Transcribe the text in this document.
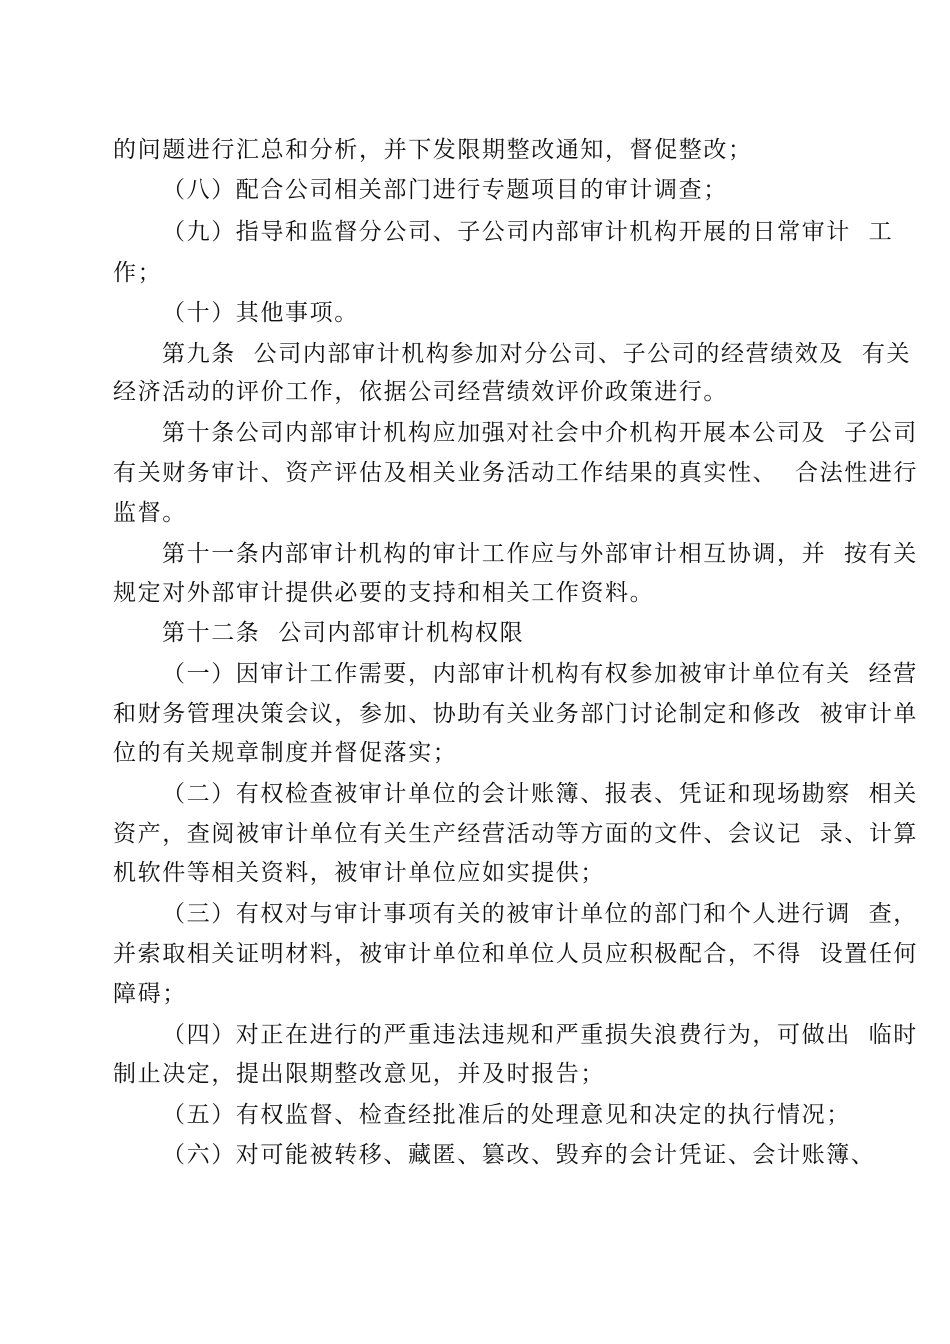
的问题进行汇总和分析，并下发限期整改通知，督促整改；
（八）配合公司相关部门进行专题项目的审计调查；
（九）指导和监督分公司、子公司内部审计机构开展的日常审计  工
作；
（十）其他事项。
第九条  公司内部审计机构参加对分公司、子公司的经营绩效及  有关
经济活动的评价工作，依据公司经营绩效评价政策进行。
第十条公司内部审计机构应加强对社会中介机构开展本公司及  子公司
有关财务审计、资产评估及相关业务活动工作结果的真实性、  合法性进行
监督。
第十一条内部审计机构的审计工作应与外部审计相互协调，并  按有关
规定对外部审计提供必要的支持和相关工作资料。
第十二条  公司内部审计机构权限
（一）因审计工作需要，内部审计机构有权参加被审计单位有关  经营
和财务管理决策会议，参加、协助有关业务部门讨论制定和修改  被审计单
位的有关规章制度并督促落实；
（二）有权检查被审计单位的会计账簿、报表、凭证和现场勘察  相关
资产，查阅被审计单位有关生产经营活动等方面的文件、会议记  录、计算
机软件等相关资料，被审计单位应如实提供；
（三）有权对与审计事项有关的被审计单位的部门和个人进行调  查，
并索取相关证明材料，被审计单位和单位人员应积极配合，不得  设置任何
障碍；
（四）对正在进行的严重违法违规和严重损失浪费行为，可做出  临时
制止决定，提出限期整改意见，并及时报告；
（五）有权监督、检查经批准后的处理意见和决定的执行情况；
（六）对可能被转移、藏匿、篡改、毁弃的会计凭证、会计账簿、
